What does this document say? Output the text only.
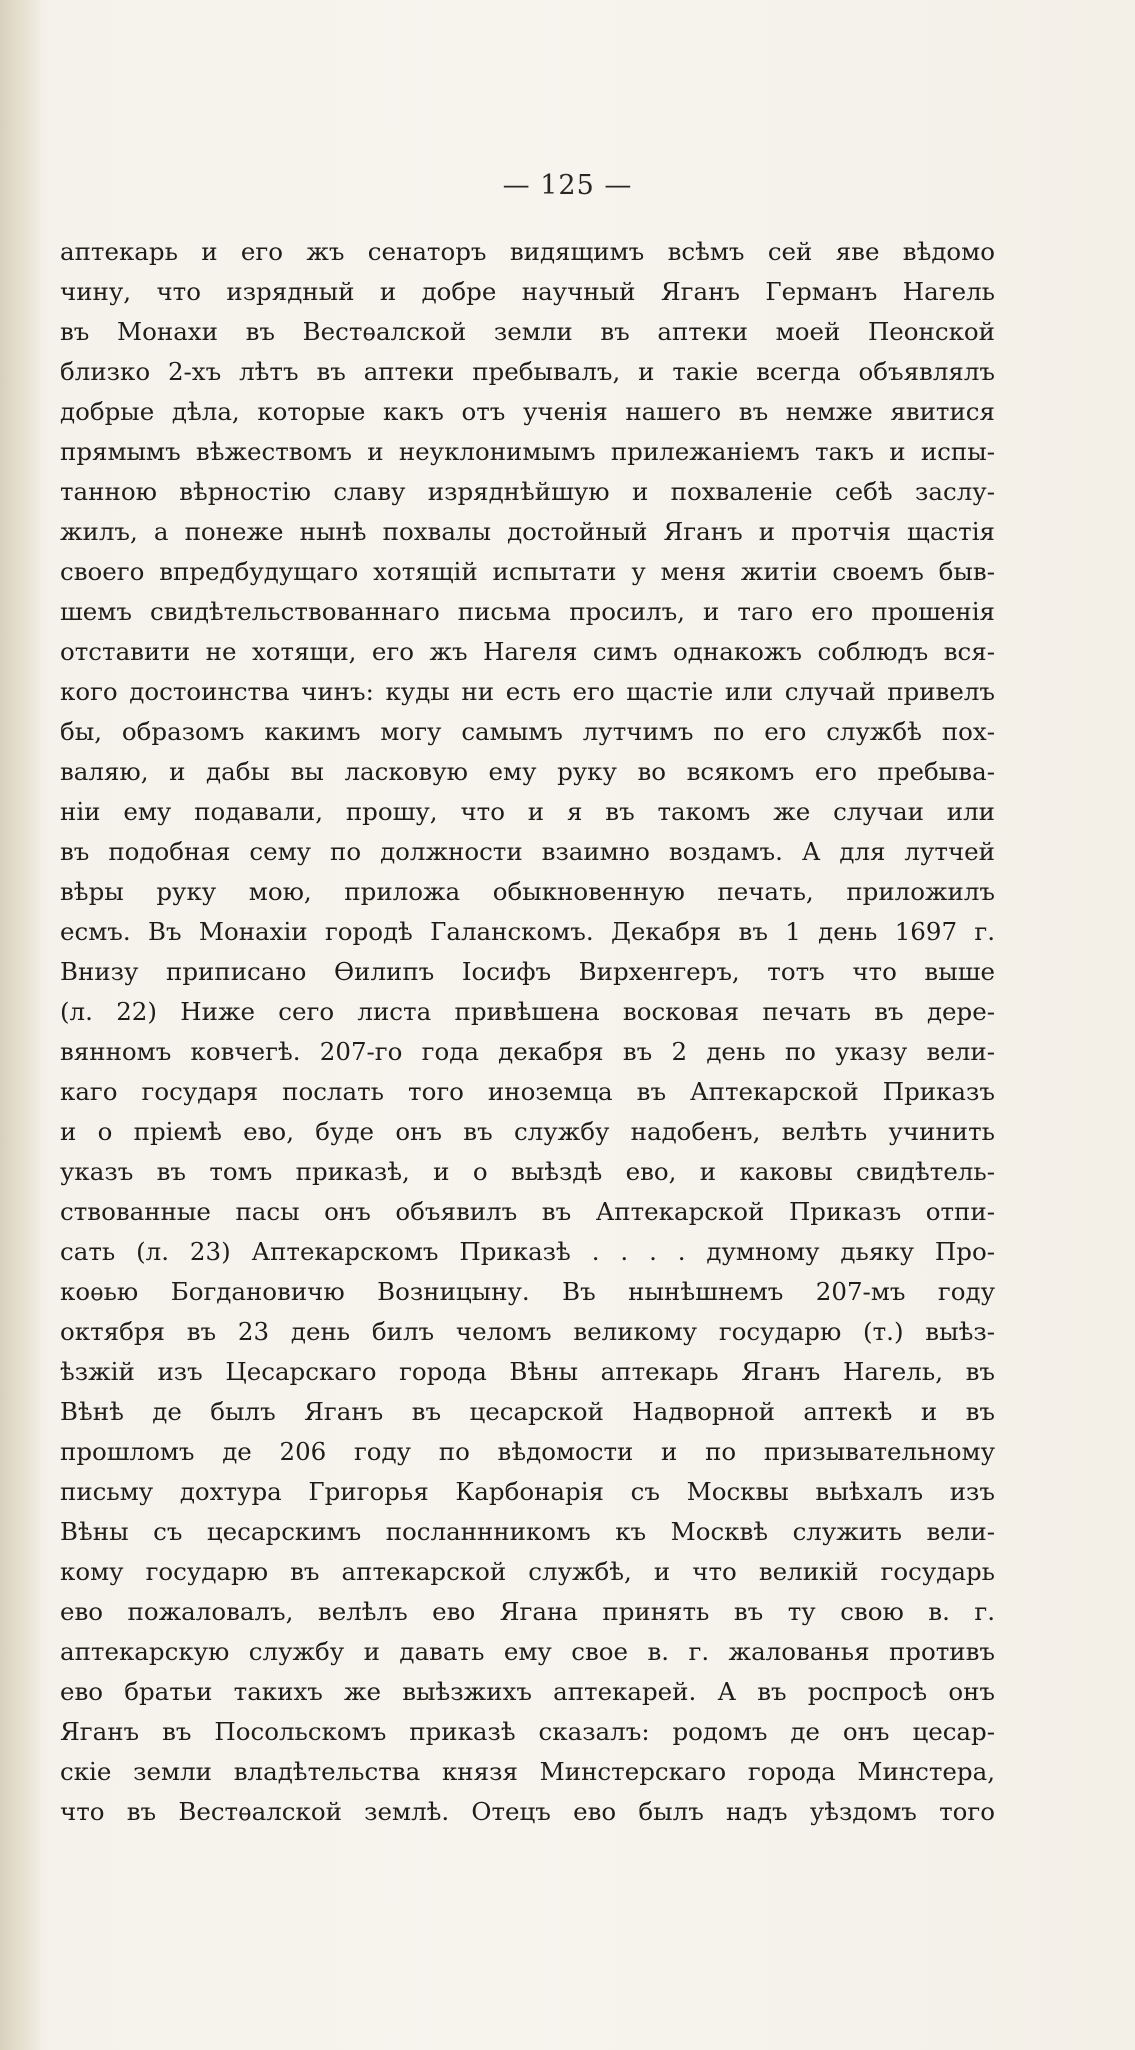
— 125 —
аптекарь и его жъ сенаторъ видящимъ всѣмъ сей яве вѣдомо
чину, что изрядный и добре научный Яганъ Германъ Нагель
въ Монахи въ Вестѳалской земли въ аптеки моей Пеонской
близко 2-хъ лѣтъ въ аптеки пребывалъ, и такіе всегда объявлялъ
добрые дѣла, которые какъ отъ ученія нашего въ немже явитися
прямымъ вѣжествомъ и неуклонимымъ прилежаніемъ такъ и испы-
танною вѣрностію славу изряднѣйшую и похваленіе себѣ заслу-
жилъ, а понеже нынѣ похвалы достойный Яганъ и протчія щастія
своего впредбудущаго хотящій испытати у меня житіи своемъ быв-
шемъ свидѣтельствованнаго письма просилъ, и таго его прошенія
отставити не хотящи, его жъ Нагеля симъ однакожъ соблюдъ вся-
кого достоинства чинъ: куды ни есть его щастіе или случай привелъ
бы, образомъ какимъ могу самымъ лутчимъ по его службѣ пох-
валяю, и дабы вы ласковую ему руку во всякомъ его пребыва-
ніи ему подавали, прошу, что и я въ такомъ же случаи или
въ подобная сему по должности взаимно воздамъ. А для лутчей
вѣры руку мою, приложа обыкновенную печать, приложилъ
есмъ. Въ Монахіи городѣ Галанскомъ. Декабря въ 1 день 1697 г.
Внизу приписано Ѳилипъ Іосифъ Вирхенгеръ, тотъ что выше
(л. 22) Ниже сего листа привѣшена восковая печать въ дере-
вянномъ ковчегѣ. 207-го года декабря въ 2 день по указу вели-
каго государя послать того иноземца въ Аптекарской Приказъ
и о пріемѣ ево, буде онъ въ службу надобенъ, велѣть учинить
указъ въ томъ приказѣ, и о выѣздѣ ево, и каковы свидѣтель-
ствованные пасы онъ объявилъ въ Аптекарской Приказъ отпи-
сать (л. 23) Аптекарскомъ Приказѣ . . . . думному дьяку Про-
коѳью Богдановичю Возницыну. Въ нынѣшнемъ 207-мъ году
октября въ 23 день билъ челомъ великому государю (т.) выѣз-
ѣзжій изъ Цесарскаго города Вѣны аптекарь Яганъ Нагель, въ
Вѣнѣ де былъ Яганъ въ цесарской Надворной аптекѣ и въ
прошломъ де 206 году по вѣдомости и по призывательному
письму дохтура Григорья Карбонарія съ Москвы выѣхалъ изъ
Вѣны съ цесарскимъ посланнникомъ къ Москвѣ служить вели-
кому государю въ аптекарской службѣ, и что великій государь
ево пожаловалъ, велѣлъ ево Ягана принять въ ту свою в. г.
аптекарскую службу и давать ему свое в. г. жалованья противъ
ево братьи такихъ же выѣзжихъ аптекарей. А въ роспросѣ онъ
Яганъ въ Посольскомъ приказѣ сказалъ: родомъ де онъ цесар-
скіе земли владѣтельства князя Минстерскаго города Минстера,
что въ Вестѳалской землѣ. Отецъ ево былъ надъ уѣздомъ того
